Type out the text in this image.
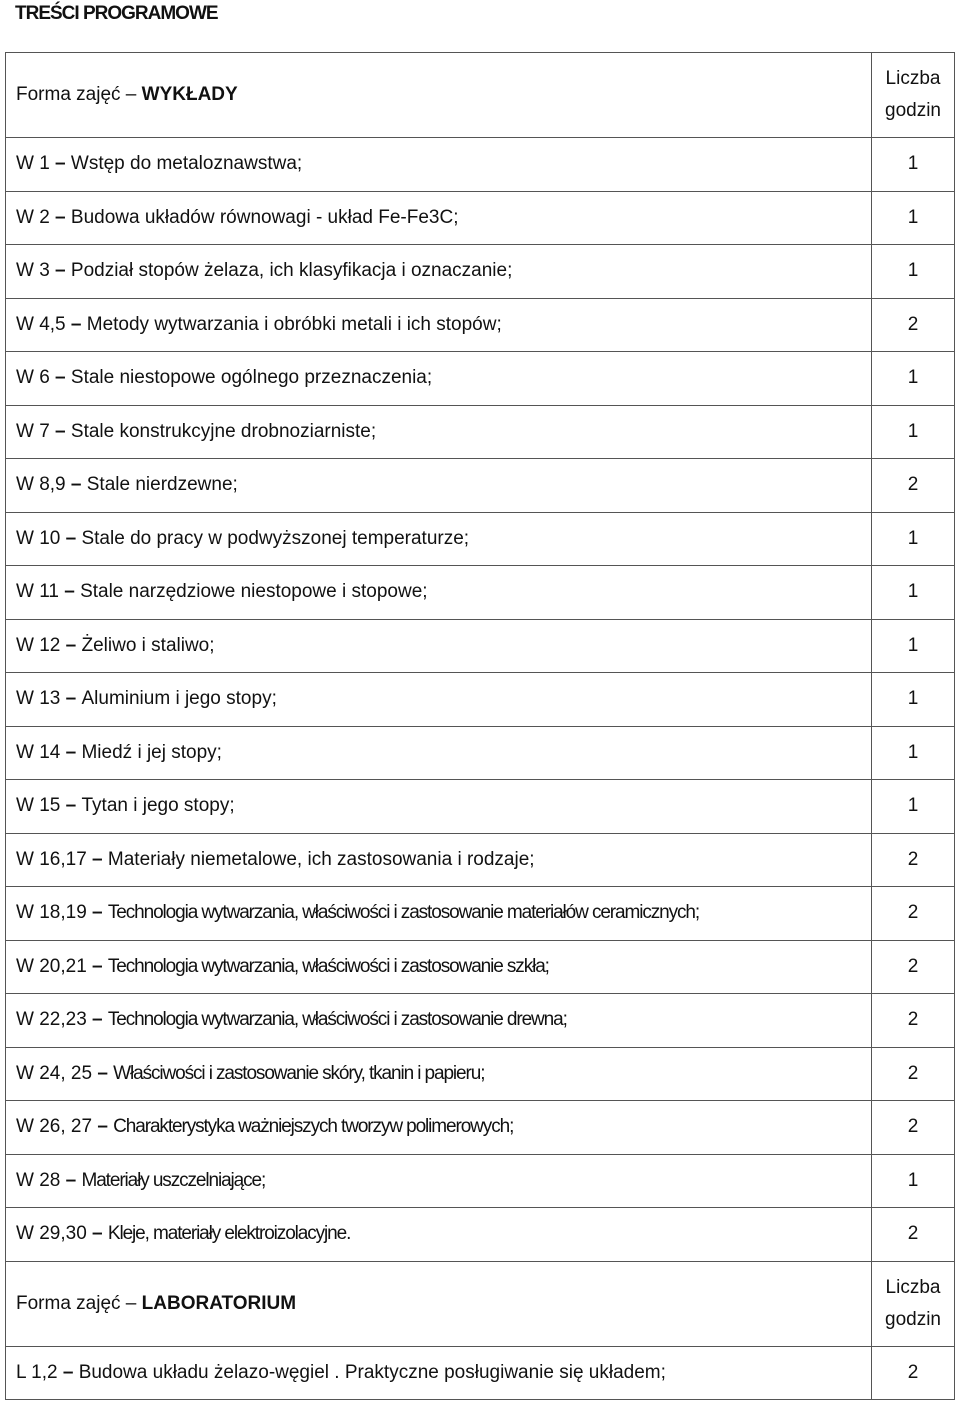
TREŚCI PROGRAMOWE
Forma zajęć – WYKŁADY	Liczba
godzin
W 1 – Wstęp do metaloznawstwa;	1
W 2 – Budowa układów równowagi - układ Fe-Fe3C;	1
W 3 – Podział stopów żelaza, ich klasyfikacja i oznaczanie;	1
W 4,5 – Metody wytwarzania i obróbki metali i ich stopów;	2
W 6 – Stale niestopowe ogólnego przeznaczenia;	1
W 7 – Stale konstrukcyjne drobnoziarniste;	1
W 8,9 – Stale nierdzewne;	2
W 10 – Stale do pracy w podwyższonej temperaturze;	1
W 11 – Stale narzędziowe niestopowe i stopowe;	1
W 12 – Żeliwo i staliwo;	1
W 13 – Aluminium i jego stopy;	1
W 14 – Miedź i jej stopy;	1
W 15 – Tytan i jego stopy;	1
W 16,17 – Materiały niemetalowe, ich zastosowania i rodzaje;	2
W 18,19 – Technologia wytwarzania, właściwości i zastosowanie materiałów ceramicznych;	2
W 20,21 – Technologia wytwarzania, właściwości i zastosowanie szkła;	2
W 22,23 – Technologia wytwarzania, właściwości i zastosowanie drewna;	2
W 24, 25 – Właściwości i zastosowanie skóry, tkanin i papieru;	2
W 26, 27 – Charakterystyka ważniejszych tworzyw polimerowych;	2
W 28 – Materiały uszczelniające;	1
W 29,30 – Kleje, materiały elektroizolacyjne.	2
Forma zajęć – LABORATORIUM	Liczba
godzin
L 1,2 – Budowa układu żelazo-węgiel . Praktyczne posługiwanie się układem;	2
